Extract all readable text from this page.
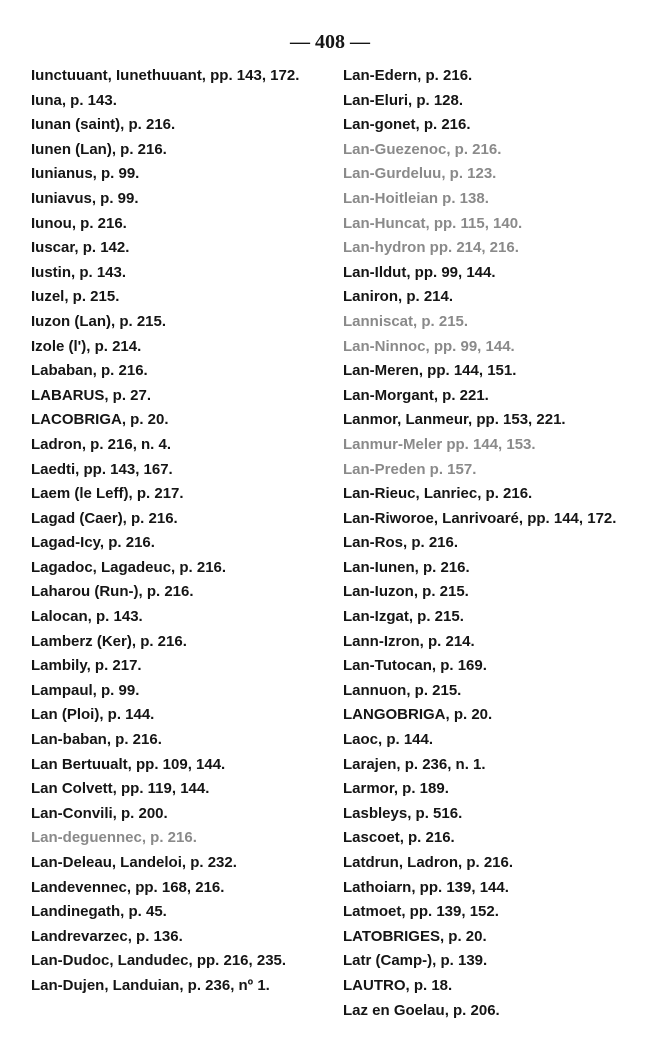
— 408 —
Iunctuuant, Iunethuuant, pp. 143, 172.
Iuna, p. 143.
Iunan (saint), p. 216.
Iunen (Lan), p. 216.
Iunianus, p. 99.
Iuniavus, p. 99.
Iunou, p. 216.
Iuscar, p. 142.
Iustin, p. 143.
Iuzel, p. 215.
Iuzon (Lan), p. 215.
Izole (l'), p. 214.
Lababan, p. 216.
LABARUS, p. 27.
LACOBRIGA, p. 20.
Ladron, p. 216, n. 4.
Laedti, pp. 143, 167.
Laem (le Leff), p. 217.
Lagad (Caer), p. 216.
Lagad-Icy, p. 216.
Lagadoc, Lagadeuc, p. 216.
Laharou (Run-), p. 216.
Lalocan, p. 143.
Lamberz (Ker), p. 216.
Lambily, p. 217.
Lampaul, p. 99.
Lan (Ploi), p. 144.
Lan-baban, p. 216.
Lan Bertuualt, pp. 109, 144.
Lan Colvett, pp. 119, 144.
Lan-Convili, p. 200.
Lan-deguennec, p. 216.
Lan-Deleau, Landeloi, p. 232.
Landevennec, pp. 168, 216.
Landinegath, p. 45.
Landrevarzec, p. 136.
Lan-Dudoc, Landudec, pp. 216, 235.
Lan-Dujen, Landuian, p. 236, nº 1.
Lan-Edern, p. 216.
Lan-Eluri, p. 128.
Lan-gonet, p. 216.
Lan-Guezenoc, p. 216.
Lan-Gurdeluu, p. 123.
Lan-Hoitleian p. 138.
Lan-Huncat, pp. 115, 140.
Lan-hydron pp. 214, 216.
Lan-Ildut, pp. 99, 144.
Laniron, p. 214.
Lanniscat, p. 215.
Lan-Ninnoc, pp. 99, 144.
Lan-Meren, pp. 144, 151.
Lan-Morgant, p. 221.
Lanmor, Lanmeur, pp. 153, 221.
Lanmur-Meler pp. 144, 153.
Lan-Preden p. 157.
Lan-Rieuc, Lanriec, p. 216.
Lan-Riworoe, Lanrivoaré, pp. 144, 172.
Lan-Ros, p. 216.
Lan-Iunen, p. 216.
Lan-Iuzon, p. 215.
Lan-Izgat, p. 215.
Lann-Izron, p. 214.
Lan-Tutocan, p. 169.
Lannuon, p. 215.
LANGOBRIGA, p. 20.
Laoc, p. 144.
Larajen, p. 236, n. 1.
Larmor, p. 189.
Lasbleys, p. 516.
Lascoet, p. 216.
Latdrun, Ladron, p. 216.
Lathoiarn, pp. 139, 144.
Latmoet, pp. 139, 152.
LATOBRIGES, p. 20.
Latr (Camp-), p. 139.
LAUTRO, p. 18.
Laz en Goelau, p. 206.
